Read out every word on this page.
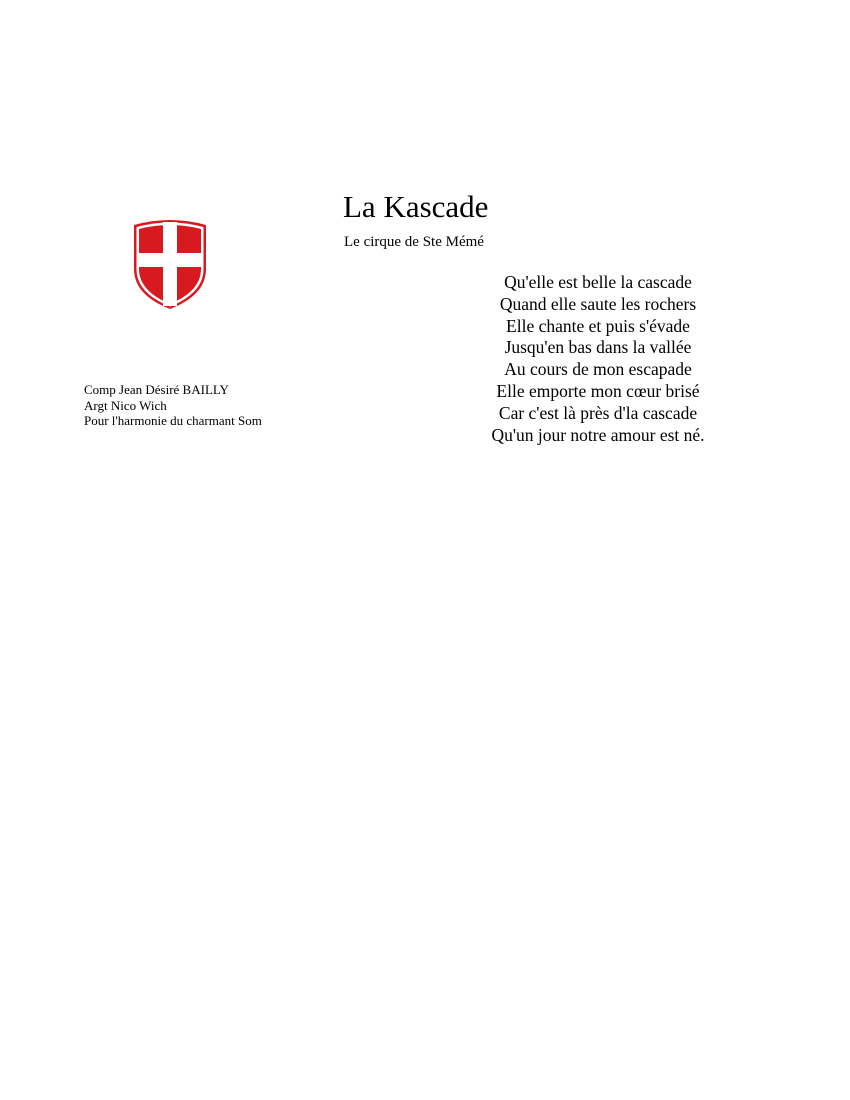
La Kascade
Le cirque de Ste Mémé
Comp Jean Désiré BAILLY
Argt Nico Wich
Pour l'harmonie du charmant Som
Qu'elle est belle la cascade
Quand elle saute les rochers
Elle chante et puis s'évade
Jusqu'en bas dans la vallée
Au cours de mon escapade
Elle emporte mon cœur brisé
Car c'est là près d'la cascade
Qu'un jour notre amour est né.
